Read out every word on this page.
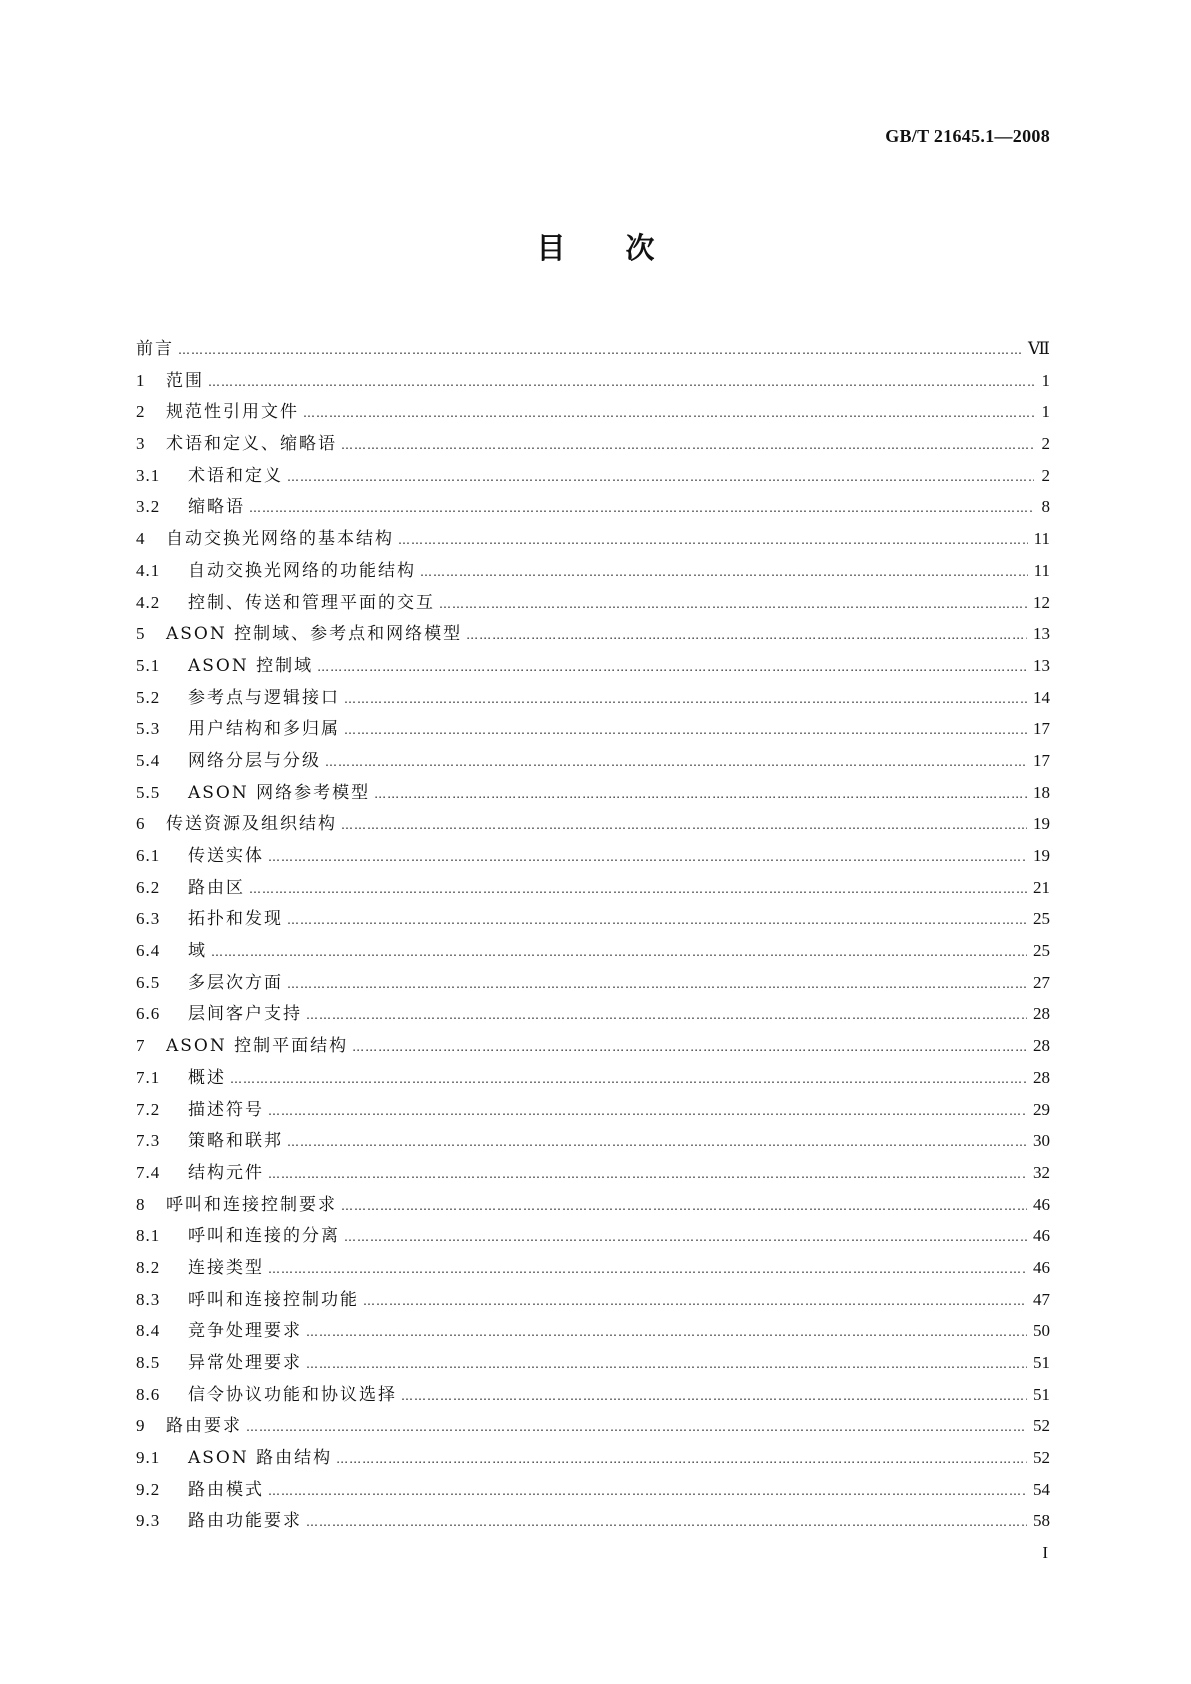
GB/T 21645.1—2008
目次
前言 …………………………………………………………………………………………………………………………………………………………………………………………………………………………………………	Ⅶ
1	范围 …………………………………………………………………………………………………………………………………………………………………………………………………………………………………………	1
2	规范性引用文件 …………………………………………………………………………………………………………………………………………………………………………………………………………………………………………	1
3	术语和定义、缩略语 …………………………………………………………………………………………………………………………………………………………………………………………………………………………………………	2
3.1	术语和定义 …………………………………………………………………………………………………………………………………………………………………………………………………………………………………………	2
3.2	缩略语 …………………………………………………………………………………………………………………………………………………………………………………………………………………………………………	8
4	自动交换光网络的基本结构 …………………………………………………………………………………………………………………………………………………………………………………………………………………………………………	11
4.1	自动交换光网络的功能结构 …………………………………………………………………………………………………………………………………………………………………………………………………………………………………………	11
4.2	控制、传送和管理平面的交互 …………………………………………………………………………………………………………………………………………………………………………………………………………………………………………	12
5	ASON 控制域、参考点和网络模型 …………………………………………………………………………………………………………………………………………………………………………………………………………………………………………	13
5.1	ASON 控制域 …………………………………………………………………………………………………………………………………………………………………………………………………………………………………………	13
5.2	参考点与逻辑接口 …………………………………………………………………………………………………………………………………………………………………………………………………………………………………………	14
5.3	用户结构和多归属 …………………………………………………………………………………………………………………………………………………………………………………………………………………………………………	17
5.4	网络分层与分级 …………………………………………………………………………………………………………………………………………………………………………………………………………………………………………	17
5.5	ASON 网络参考模型 …………………………………………………………………………………………………………………………………………………………………………………………………………………………………………	18
6	传送资源及组织结构 …………………………………………………………………………………………………………………………………………………………………………………………………………………………………………	19
6.1	传送实体 …………………………………………………………………………………………………………………………………………………………………………………………………………………………………………	19
6.2	路由区 …………………………………………………………………………………………………………………………………………………………………………………………………………………………………………	21
6.3	拓扑和发现 …………………………………………………………………………………………………………………………………………………………………………………………………………………………………………	25
6.4	域 …………………………………………………………………………………………………………………………………………………………………………………………………………………………………………	25
6.5	多层次方面 …………………………………………………………………………………………………………………………………………………………………………………………………………………………………………	27
6.6	层间客户支持 …………………………………………………………………………………………………………………………………………………………………………………………………………………………………………	28
7	ASON 控制平面结构 …………………………………………………………………………………………………………………………………………………………………………………………………………………………………………	28
7.1	概述 …………………………………………………………………………………………………………………………………………………………………………………………………………………………………………	28
7.2	描述符号 …………………………………………………………………………………………………………………………………………………………………………………………………………………………………………	29
7.3	策略和联邦 …………………………………………………………………………………………………………………………………………………………………………………………………………………………………………	30
7.4	结构元件 …………………………………………………………………………………………………………………………………………………………………………………………………………………………………………	32
8	呼叫和连接控制要求 …………………………………………………………………………………………………………………………………………………………………………………………………………………………………………	46
8.1	呼叫和连接的分离 …………………………………………………………………………………………………………………………………………………………………………………………………………………………………………	46
8.2	连接类型 …………………………………………………………………………………………………………………………………………………………………………………………………………………………………………	46
8.3	呼叫和连接控制功能 …………………………………………………………………………………………………………………………………………………………………………………………………………………………………………	47
8.4	竞争处理要求 …………………………………………………………………………………………………………………………………………………………………………………………………………………………………………	50
8.5	异常处理要求 …………………………………………………………………………………………………………………………………………………………………………………………………………………………………………	51
8.6	信令协议功能和协议选择 …………………………………………………………………………………………………………………………………………………………………………………………………………………………………………	51
9	路由要求 …………………………………………………………………………………………………………………………………………………………………………………………………………………………………………	52
9.1	ASON 路由结构 …………………………………………………………………………………………………………………………………………………………………………………………………………………………………………	52
9.2	路由模式 …………………………………………………………………………………………………………………………………………………………………………………………………………………………………………	54
9.3	路由功能要求 …………………………………………………………………………………………………………………………………………………………………………………………………………………………………………	58
I
